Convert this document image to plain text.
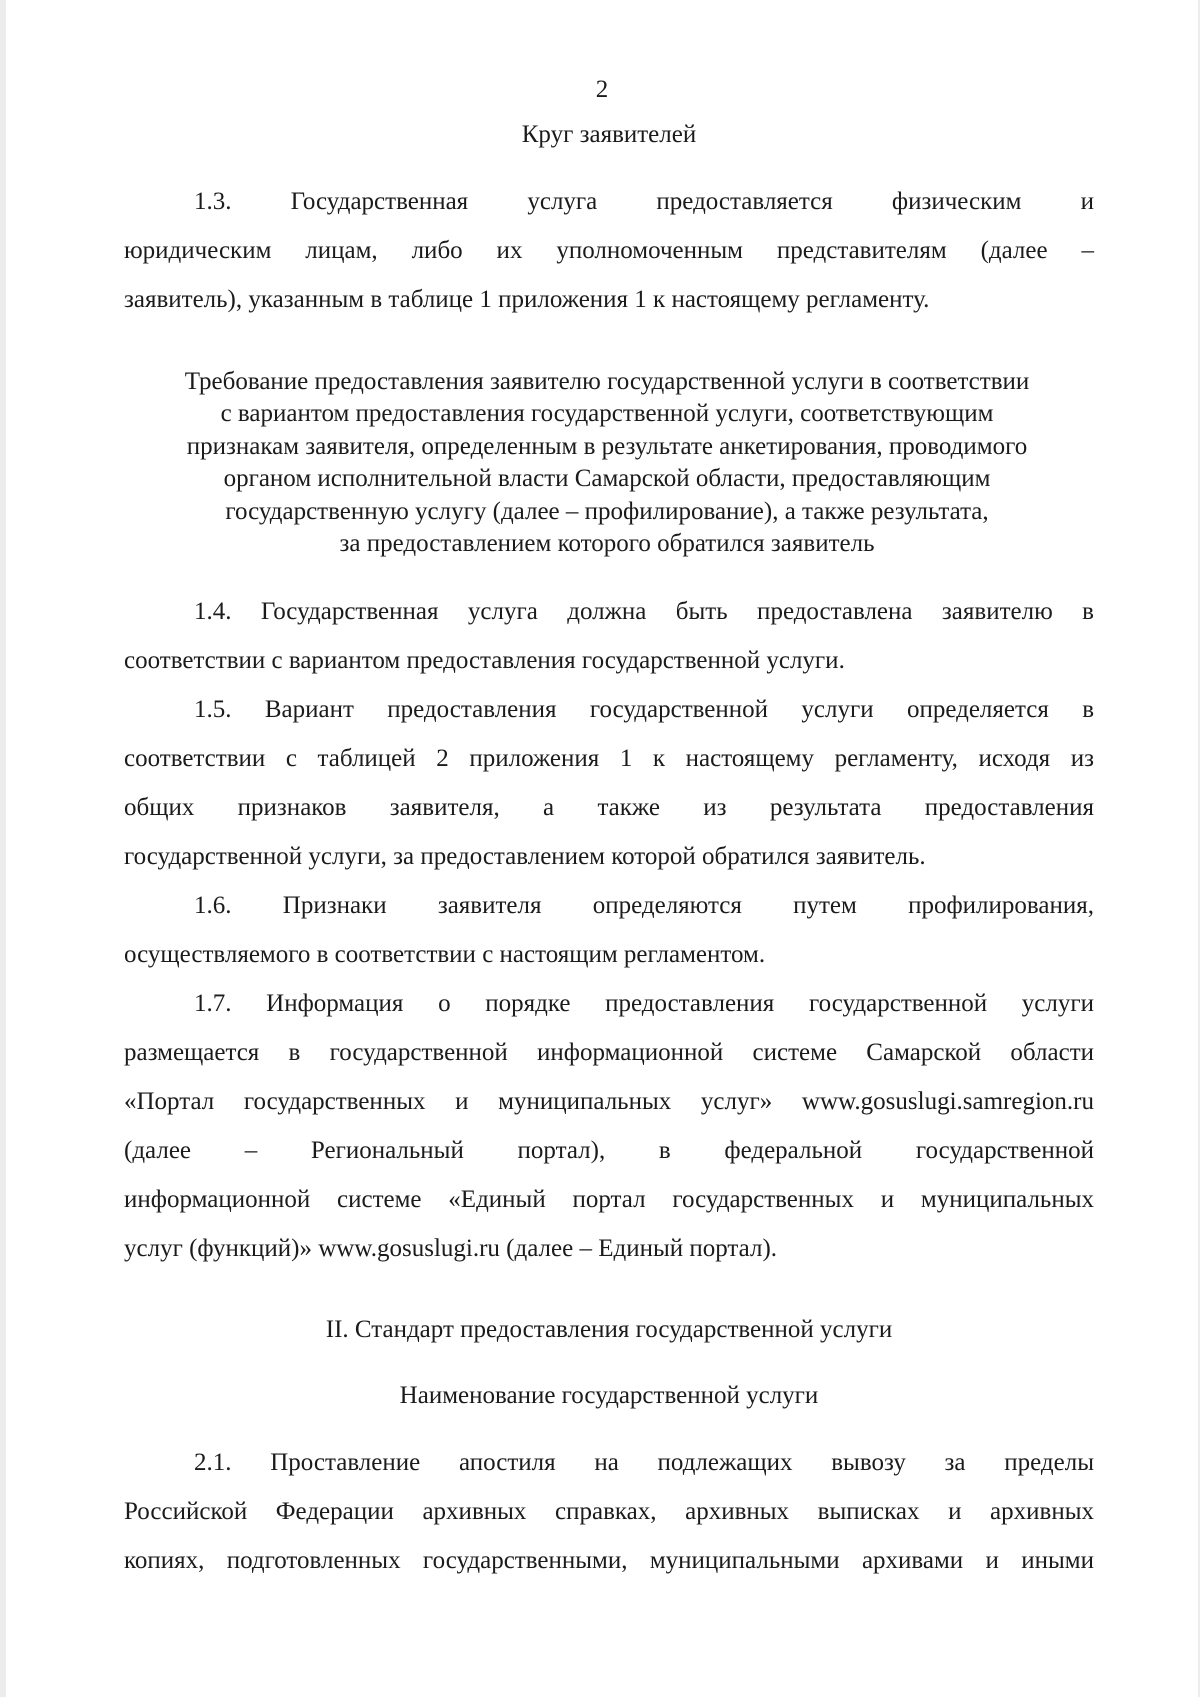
2
Круг заявителей
1.3. Государственная услуга предоставляется физическим и
юридическим лицам, либо их уполномоченным представителям (далее –
заявитель), указанным в таблице 1 приложения 1 к настоящему регламенту.
Требование предоставления заявителю государственной услуги в соответствии
с вариантом предоставления государственной услуги, соответствующим
признакам заявителя, определенным в результате анкетирования, проводимого
органом исполнительной власти Самарской области, предоставляющим
государственную услугу (далее – профилирование), а также результата,
за предоставлением которого обратился заявитель
1.4. Государственная услуга должна быть предоставлена заявителю в
соответствии с вариантом предоставления государственной услуги.
1.5. Вариант предоставления государственной услуги определяется в
соответствии с таблицей 2 приложения 1 к настоящему регламенту, исходя из
общих признаков заявителя, а также из результата предоставления
государственной услуги, за предоставлением которой обратился заявитель.
1.6. Признаки заявителя определяются путем профилирования,
осуществляемого в соответствии с настоящим регламентом.
1.7. Информация о порядке предоставления государственной услуги
размещается в государственной информационной системе Самарской области
«Портал государственных и муниципальных услуг» www.gosuslugi.samregion.ru
(далее – Региональный портал), в федеральной государственной
информационной системе «Единый портал государственных и муниципальных
услуг (функций)» www.gosuslugi.ru (далее – Единый портал).
II. Стандарт предоставления государственной услуги
Наименование государственной услуги
2.1. Проставление апостиля на подлежащих вывозу за пределы
Российской Федерации архивных справках, архивных выписках и архивных
копиях, подготовленных государственными, муниципальными архивами и иными
